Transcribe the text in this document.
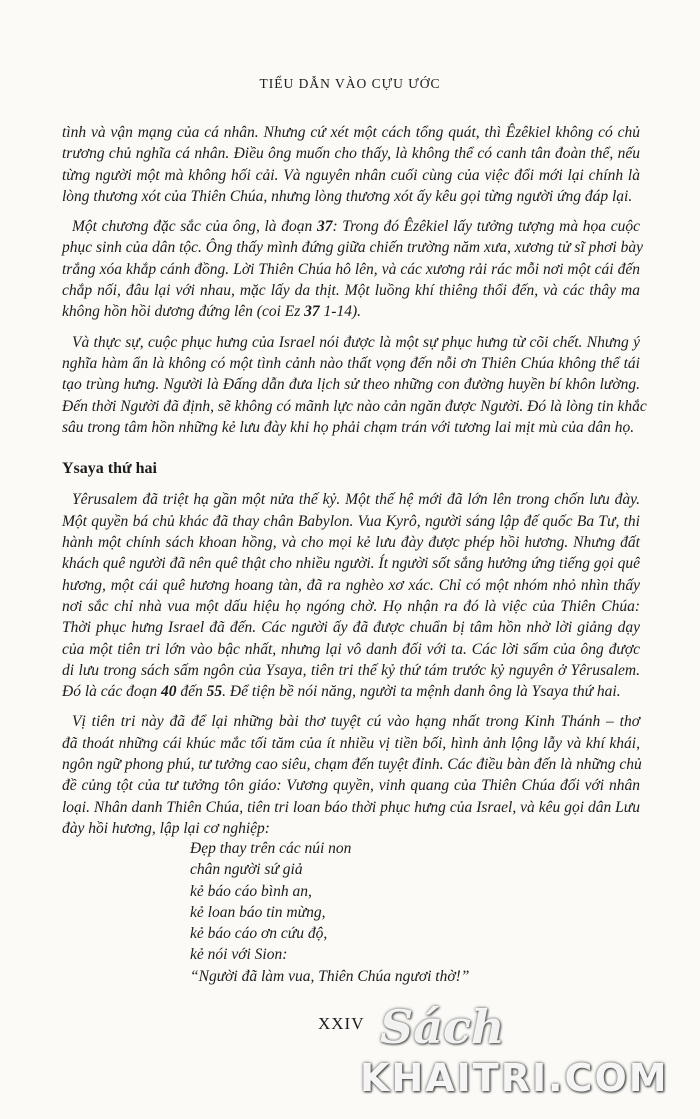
TIỂU DẪN VÀO CỰU ƯỚC
tình và vận mạng của cá nhân. Nhưng cứ xét một cách tổng quát, thì Êzêkiel không có chủ
trương chủ nghĩa cá nhân. Điều ông muốn cho thấy, là không thể có canh tân đoàn thể, nếu
từng người một mà không hối cải. Và nguyên nhân cuối cùng của việc đổi mới lại chính là
lòng thương xót của Thiên Chúa, nhưng lòng thương xót ấy kêu gọi từng người ứng đáp lại.
Một chương đặc sắc của ông, là đoạn 37: Trong đó Êzêkiel lấy tưởng tượng mà họa cuộc
phục sinh của dân tộc. Ông thấy mình đứng giữa chiến trường năm xưa, xương tử sĩ phơi bày
trắng xóa khắp cánh đồng. Lời Thiên Chúa hô lên, và các xương rải rác mỗi nơi một cái đến
chắp nối, đâu lại với nhau, mặc lấy da thịt. Một luồng khí thiêng thổi đến, và các thây ma
không hồn hồi dương đứng lên (coi Ez 37 1-14).
Và thực sự, cuộc phục hưng của Israel nói được là một sự phục hưng từ cõi chết. Nhưng ý
nghĩa hàm ẩn là không có một tình cảnh nào thất vọng đến nỗi ơn Thiên Chúa không thể tái
tạo trùng hưng. Người là Đấng dẫn đưa lịch sử theo những con đường huyền bí khôn lường.
Đến thời Người đã định, sẽ không có mãnh lực nào cản ngăn được Người. Đó là lòng tin khắc
sâu trong tâm hồn những kẻ lưu đày khi họ phải chạm trán với tương lai mịt mù của dân họ.
Ysaya thứ hai
Yêrusalem đã triệt hạ gần một nửa thế kỷ. Một thế hệ mới đã lớn lên trong chốn lưu đày.
Một quyền bá chủ khác đã thay chân Babylon. Vua Kyrô, người sáng lập đế quốc Ba Tư, thi
hành một chính sách khoan hồng, và cho mọi kẻ lưu đày được phép hồi hương. Nhưng đất
khách quê người đã nên quê thật cho nhiều người. Ít người sốt sắng hưởng ứng tiếng gọi quê
hương, một cái quê hương hoang tàn, đã ra nghèo xơ xác. Chỉ có một nhóm nhỏ nhìn thấy
nơi sắc chỉ nhà vua một dấu hiệu họ ngóng chờ. Họ nhận ra đó là việc của Thiên Chúa:
Thời phục hưng Israel đã đến. Các người ấy đã được chuẩn bị tâm hồn nhờ lời giảng dạy
của một tiên tri lớn vào bậc nhất, nhưng lại vô danh đối với ta. Các lời sấm của ông được
di lưu trong sách sấm ngôn của Ysaya, tiên tri thế kỷ thứ tám trước kỷ nguyên ở Yêrusalem.
Đó là các đoạn 40 đến 55. Để tiện bề nói năng, người ta mệnh danh ông là Ysaya thứ hai.
Vị tiên tri này đã để lại những bài thơ tuyệt cú vào hạng nhất trong Kinh Thánh – thơ
đã thoát những cái khúc mắc tối tăm của ít nhiều vị tiền bối, hình ảnh lộng lẫy và khí khái,
ngôn ngữ phong phú, tư tưởng cao siêu, chạm đến tuyệt đỉnh. Các điều bàn đến là những chủ
đề củng tột của tư tưởng tôn giáo: Vương quyền, vinh quang của Thiên Chúa đối với nhân
loại. Nhân danh Thiên Chúa, tiên tri loan báo thời phục hưng của Israel, và kêu gọi dân Lưu
đày hồi hương, lập lại cơ nghiệp:
Đẹp thay trên các núi non
chân người sứ giả
kẻ báo cáo bình an,
kẻ loan báo tin mừng,
kẻ báo cáo ơn cứu độ,
kẻ nói với Sion:
“Người đã làm vua, Thiên Chúa ngươi thờ!”
XXIV Sách
KHAITRI.COM
